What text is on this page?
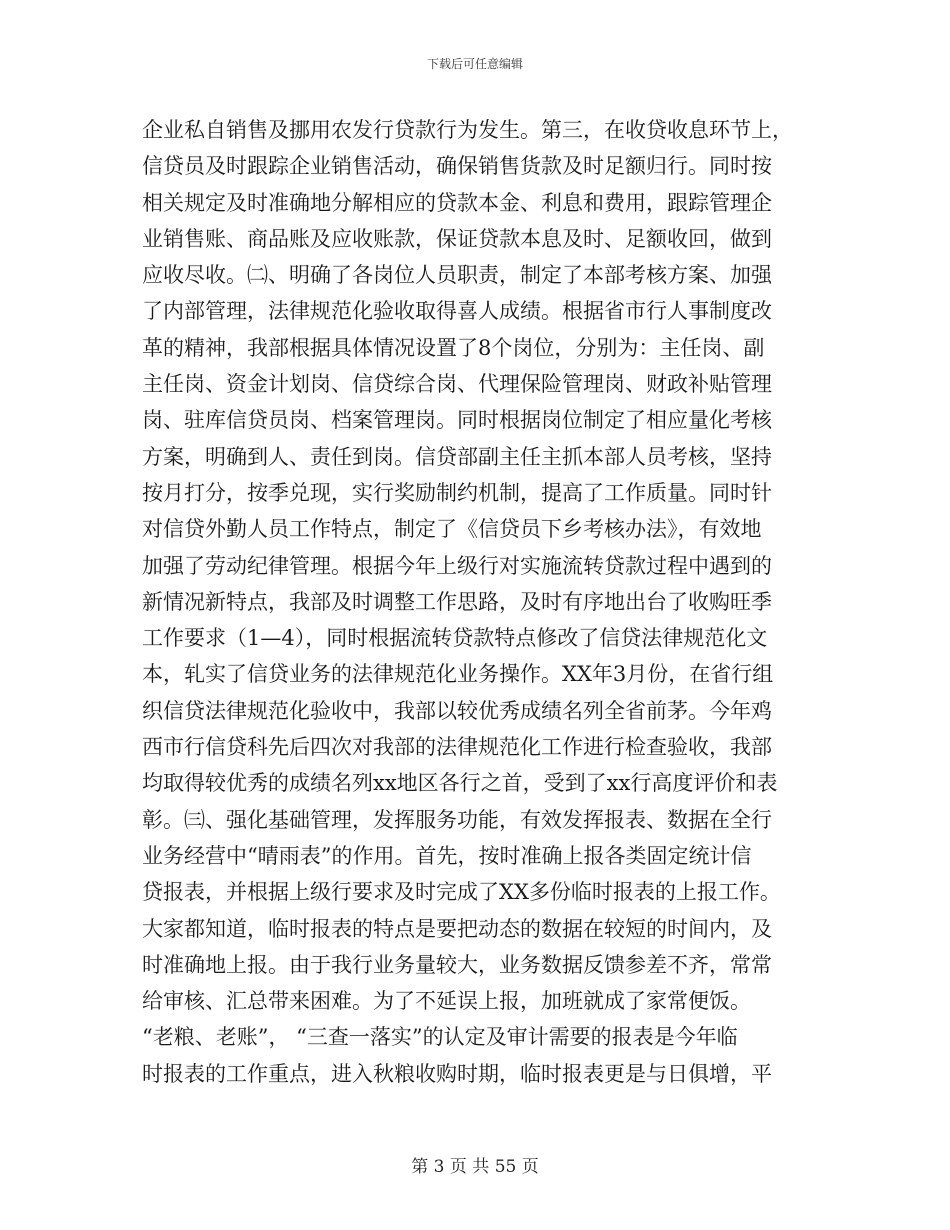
下载后可任意编辑
企业私自销售及挪用农发行贷款行为发生。第三，在收贷收息环节上，
信贷员及时跟踪企业销售活动，确保销售货款及时足额归行。同时按
相关规定及时准确地分解相应的贷款本金、利息和费用，跟踪管理企
业销售账、商品账及应收账款，保证贷款本息及时、足额收回，做到
应收尽收。㈡、明确了各岗位人员职责，制定了本部考核方案、加强
了内部管理，法律规范化验收取得喜人成绩。根据省市行人事制度改
革的精神，我部根据具体情况设置了8个岗位，分别为：主任岗、副
主任岗、资金计划岗、信贷综合岗、代理保险管理岗、财政补贴管理
岗、驻库信贷员岗、档案管理岗。同时根据岗位制定了相应量化考核
方案，明确到人、责任到岗。信贷部副主任主抓本部人员考核，坚持
按月打分，按季兑现，实行奖励制约机制，提高了工作质量。同时针
对信贷外勤人员工作特点，制定了《信贷员下乡考核办法》，有效地
加强了劳动纪律管理。根据今年上级行对实施流转贷款过程中遇到的
新情况新特点，我部及时调整工作思路，及时有序地出台了收购旺季
工作要求（1—4），同时根据流转贷款特点修改了信贷法律规范化文
本，轧实了信贷业务的法律规范化业务操作。XX年3月份，在省行组
织信贷法律规范化验收中，我部以较优秀成绩名列全省前茅。今年鸡
西市行信贷科先后四次对我部的法律规范化工作进行检查验收，我部
均取得较优秀的成绩名列xx地区各行之首，受到了xx行高度评价和表
彰。㈢、强化基础管理，发挥服务功能，有效发挥报表、数据在全行
业务经营中“晴雨表”的作用。首先，按时准确上报各类固定统计信
贷报表，并根据上级行要求及时完成了XX多份临时报表的上报工作。
大家都知道，临时报表的特点是要把动态的数据在较短的时间内，及
时准确地上报。由于我行业务量较大，业务数据反馈参差不齐，常常
给审核、汇总带来困难。为了不延误上报，加班就成了家常便饭。
“老粮、老账”， “三查一落实”的认定及审计需要的报表是今年临
时报表的工作重点，进入秋粮收购时期，临时报表更是与日俱增，平
第 3 页 共 55 页
